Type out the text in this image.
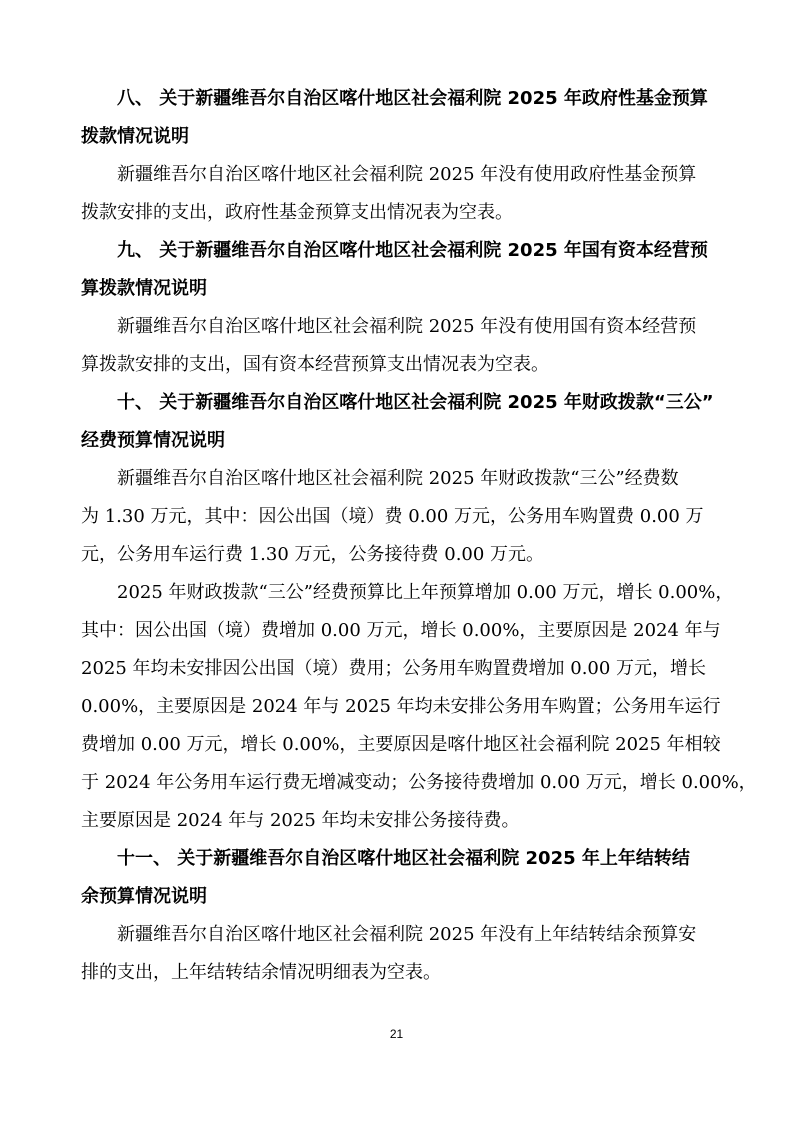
八、 关于新疆维吾尔自治区喀什地区社会福利院 2025 年政府性基金预算
拨款情况说明
新疆维吾尔自治区喀什地区社会福利院 2025 年没有使用政府性基金预算
拨款安排的支出，政府性基金预算支出情况表为空表。
九、 关于新疆维吾尔自治区喀什地区社会福利院 2025 年国有资本经营预
算拨款情况说明
新疆维吾尔自治区喀什地区社会福利院 2025 年没有使用国有资本经营预
算拨款安排的支出，国有资本经营预算支出情况表为空表。
十、 关于新疆维吾尔自治区喀什地区社会福利院 2025 年财政拨款“三公”
经费预算情况说明
新疆维吾尔自治区喀什地区社会福利院 2025 年财政拨款“三公”经费数
为 1.30 万元，其中：因公出国（境）费 0.00 万元，公务用车购置费 0.00 万
元，公务用车运行费 1.30 万元，公务接待费 0.00 万元。
2025 年财政拨款“三公”经费预算比上年预算增加 0.00 万元，增长 0.00%，
其中：因公出国（境）费增加 0.00 万元，增长 0.00%，主要原因是 2024 年与
2025 年均未安排因公出国（境）费用；公务用车购置费增加 0.00 万元，增长
0.00%，主要原因是 2024 年与 2025 年均未安排公务用车购置；公务用车运行
费增加 0.00 万元，增长 0.00%，主要原因是喀什地区社会福利院 2025 年相较
于 2024 年公务用车运行费无增减变动；公务接待费增加 0.00 万元，增长 0.00%，
主要原因是 2024 年与 2025 年均未安排公务接待费。
十一、 关于新疆维吾尔自治区喀什地区社会福利院 2025 年上年结转结
余预算情况说明
新疆维吾尔自治区喀什地区社会福利院 2025 年没有上年结转结余预算安
排的支出，上年结转结余情况明细表为空表。
21
